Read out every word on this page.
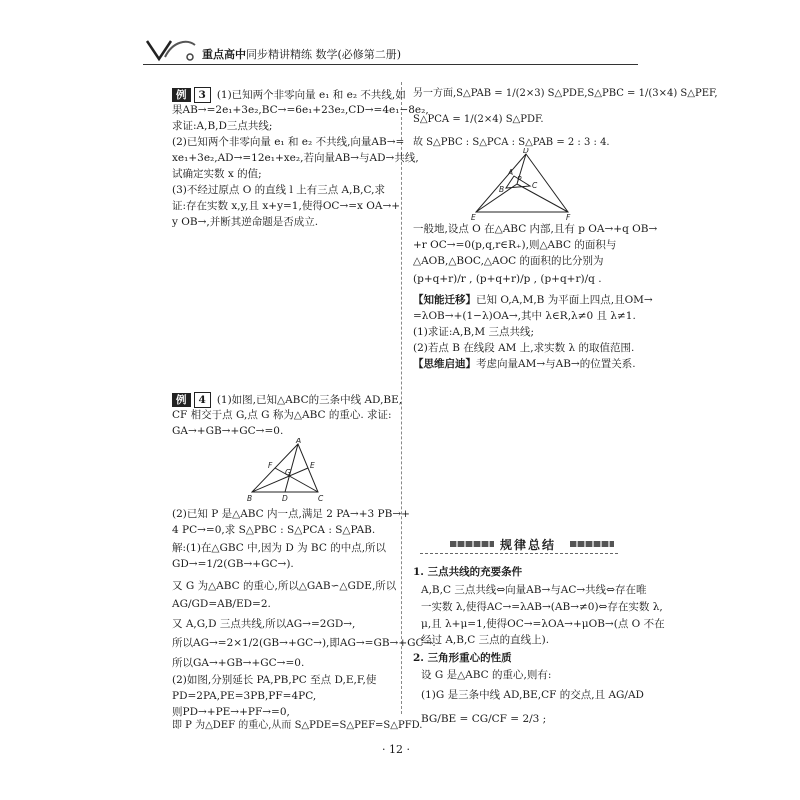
重点高中同步精讲精练 数学(必修第二册)
例 3 (1)已知两个非零向量 e₁ 和 e₂ 不共线,如
果AB→=2e₁+3e₂,BC→=6e₁+23e₂,CD→=4e₁−8e₂,
求证:A,B,D三点共线;
(2)已知两个非零向量 e₁ 和 e₂ 不共线,向量AB→=
xe₁+3e₂,AD→=12e₁+xe₂,若向量AB→与AD→共线,
试确定实数 x 的值;
(3)不经过原点 O 的直线 l 上有三点 A,B,C,求
证:存在实数 x,y,且 x+y=1,使得OC→=x OA→+
y OB→,并断其逆命题是否成立.
例 4 (1)如图,已知△ABC的三条中线 AD,BE,
CF 相交于点 G,点 G 称为△ABC 的重心. 求证:
GA→+GB→+GC→=0.
A
F	E
G
B	D	C
(2)已知 P 是△ABC 内一点,满足 2 PA→+3 PB→+
4 PC→=0,求 S△PBC : S△PCA : S△PAB.
解:(1)在△GBC 中,因为 D 为 BC 的中点,所以
GD→=1/2(GB→+GC→).
又 G 为△ABC 的重心,所以△GAB∽△GDE,所以
AG/GD=AB/ED=2.
又 A,G,D 三点共线,所以AG→=2GD→,
所以AG→=2×1/2(GB→+GC→),即AG→=GB→+GC→.
所以GA→+GB→+GC→=0.
(2)如图,分别延长 PA,PB,PC 至点 D,E,F,使
PD=2PA,PE=3PB,PF=4PC,
则PD→+PE→+PF→=0,
即 P 为△DEF 的重心,从而 S△PDE=S△PEF=S△PFD.
另一方面,S△PAB = 1/(2×3) S△PDE,S△PBC = 1/(3×4) S△PEF,
S△PCA = 1/(2×4) S△PDF.
故 S△PBC : S△PCA : S△PAB = 2 : 3 : 4.
D
A
B
P
C
E	F
一般地,设点 O 在△ABC 内部,且有 p OA→+q OB→
+r OC→=0(p,q,r∈R₊),则△ABC 的面积与
△AOB,△BOC,△AOC 的面积的比分别为
(p+q+r)/r , (p+q+r)/p , (p+q+r)/q .
【知能迁移】已知 O,A,M,B 为平面上四点,且OM→
=λOB→+(1−λ)OA→,其中 λ∈R,λ≠0 且 λ≠1.
(1)求证:A,B,M 三点共线;
(2)若点 B 在线段 AM 上,求实数 λ 的取值范围.
【思维启迪】考虑向量AM→与AB→的位置关系.
规律总结
1. 三点共线的充要条件
A,B,C 三点共线⇔向量AB→与AC→共线⇔存在唯
一实数 λ,使得AC→=λAB→(AB→≠0)⇔存在实数 λ,
μ,且 λ+μ=1,使得OC→=λOA→+μOB→(点 O 不在
经过 A,B,C 三点的直线上).
2. 三角形重心的性质
设 G 是△ABC 的重心,则有:
(1)G 是三条中线 AD,BE,CF 的交点,且 AG/AD
BG/BE = CG/CF = 2/3 ;
· 12 ·
